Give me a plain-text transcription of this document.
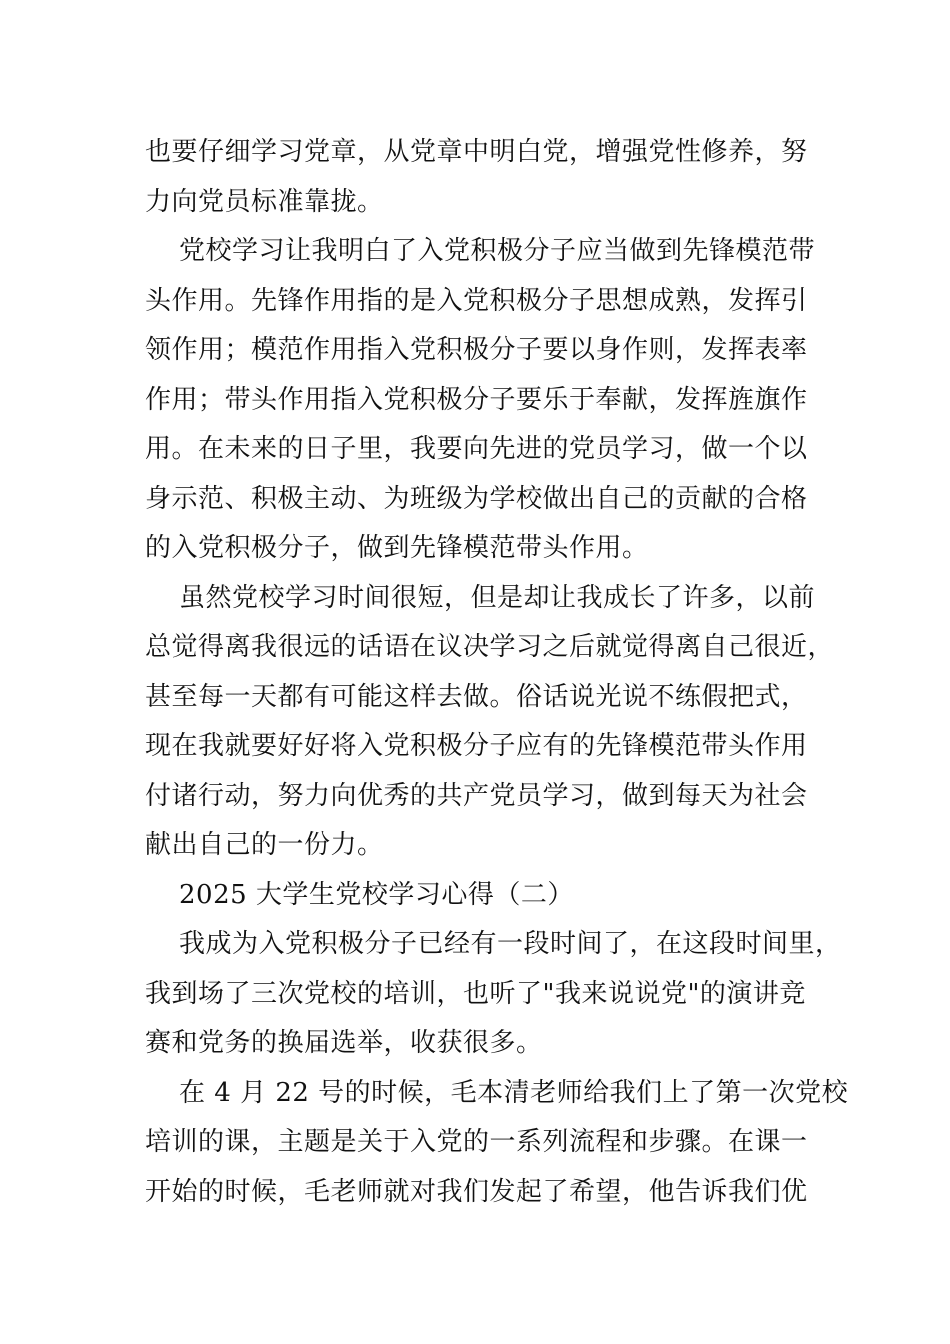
也要仔细学习党章，从党章中明白党，增强党性修养，努
力向党员标准靠拢。
党校学习让我明白了入党积极分子应当做到先锋模范带
头作用。先锋作用指的是入党积极分子思想成熟，发挥引
领作用；模范作用指入党积极分子要以身作则，发挥表率
作用；带头作用指入党积极分子要乐于奉献，发挥旌旗作
用。在未来的日子里，我要向先进的党员学习，做一个以
身示范、积极主动、为班级为学校做出自己的贡献的合格
的入党积极分子，做到先锋模范带头作用。
虽然党校学习时间很短，但是却让我成长了许多，以前
总觉得离我很远的话语在议决学习之后就觉得离自己很近，
甚至每一天都有可能这样去做。俗话说光说不练假把式，
现在我就要好好将入党积极分子应有的先锋模范带头作用
付诸行动，努力向优秀的共产党员学习，做到每天为社会
献出自己的一份力。
2025 大学生党校学习心得（二）
我成为入党积极分子已经有一段时间了，在这段时间里，
我到场了三次党校的培训，也听了"我来说说党"的演讲竞
赛和党务的换届选举，收获很多。
在 4 月 22 号的时候，毛本清老师给我们上了第一次党校
培训的课，主题是关于入党的一系列流程和步骤。在课一
开始的时候，毛老师就对我们发起了希望，他告诉我们优
